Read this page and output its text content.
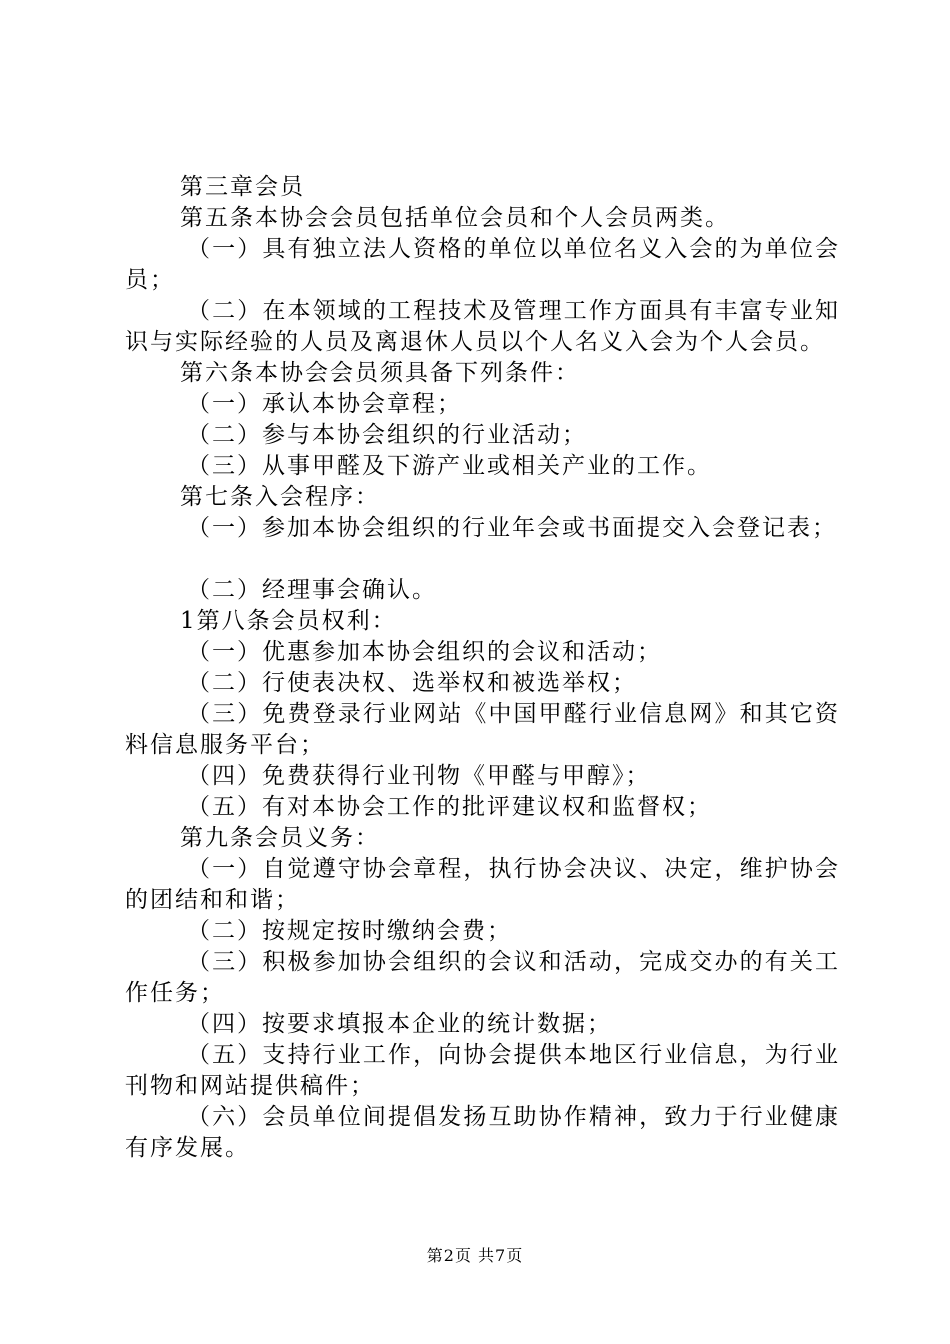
第三章会员

第五条本协会会员包括单位会员和个人会员两类。

（一）具有独立法人资格的单位以单位名义入会的为单位会员；

（二）在本领域的工程技术及管理工作方面具有丰富专业知识与实际经验的人员及离退休人员以个人名义入会为个人会员。

第六条本协会会员须具备下列条件：

（一）承认本协会章程；

（二）参与本协会组织的行业活动；

（三）从事甲醛及下游产业或相关产业的工作。

第七条入会程序：

（一）参加本协会组织的行业年会或书面提交入会登记表；

（二）经理事会确认。

1第八条会员权利：

（一）优惠参加本协会组织的会议和活动；

（二）行使表决权、选举权和被选举权；

（三）免费登录行业网站《中国甲醛行业信息网》和其它资料信息服务平台；

（四）免费获得行业刊物《甲醛与甲醇》；

（五）有对本协会工作的批评建议权和监督权；

第九条会员义务：

（一）自觉遵守协会章程，执行协会决议、决定，维护协会的团结和和谐；

（二）按规定按时缴纳会费；

（三）积极参加协会组织的会议和活动，完成交办的有关工作任务；

（四）按要求填报本企业的统计数据；

（五）支持行业工作，向协会提供本地区行业信息，为行业刊物和网站提供稿件；

（六）会员单位间提倡发扬互助协作精神，致力于行业健康有序发展。

第2页 共7页
